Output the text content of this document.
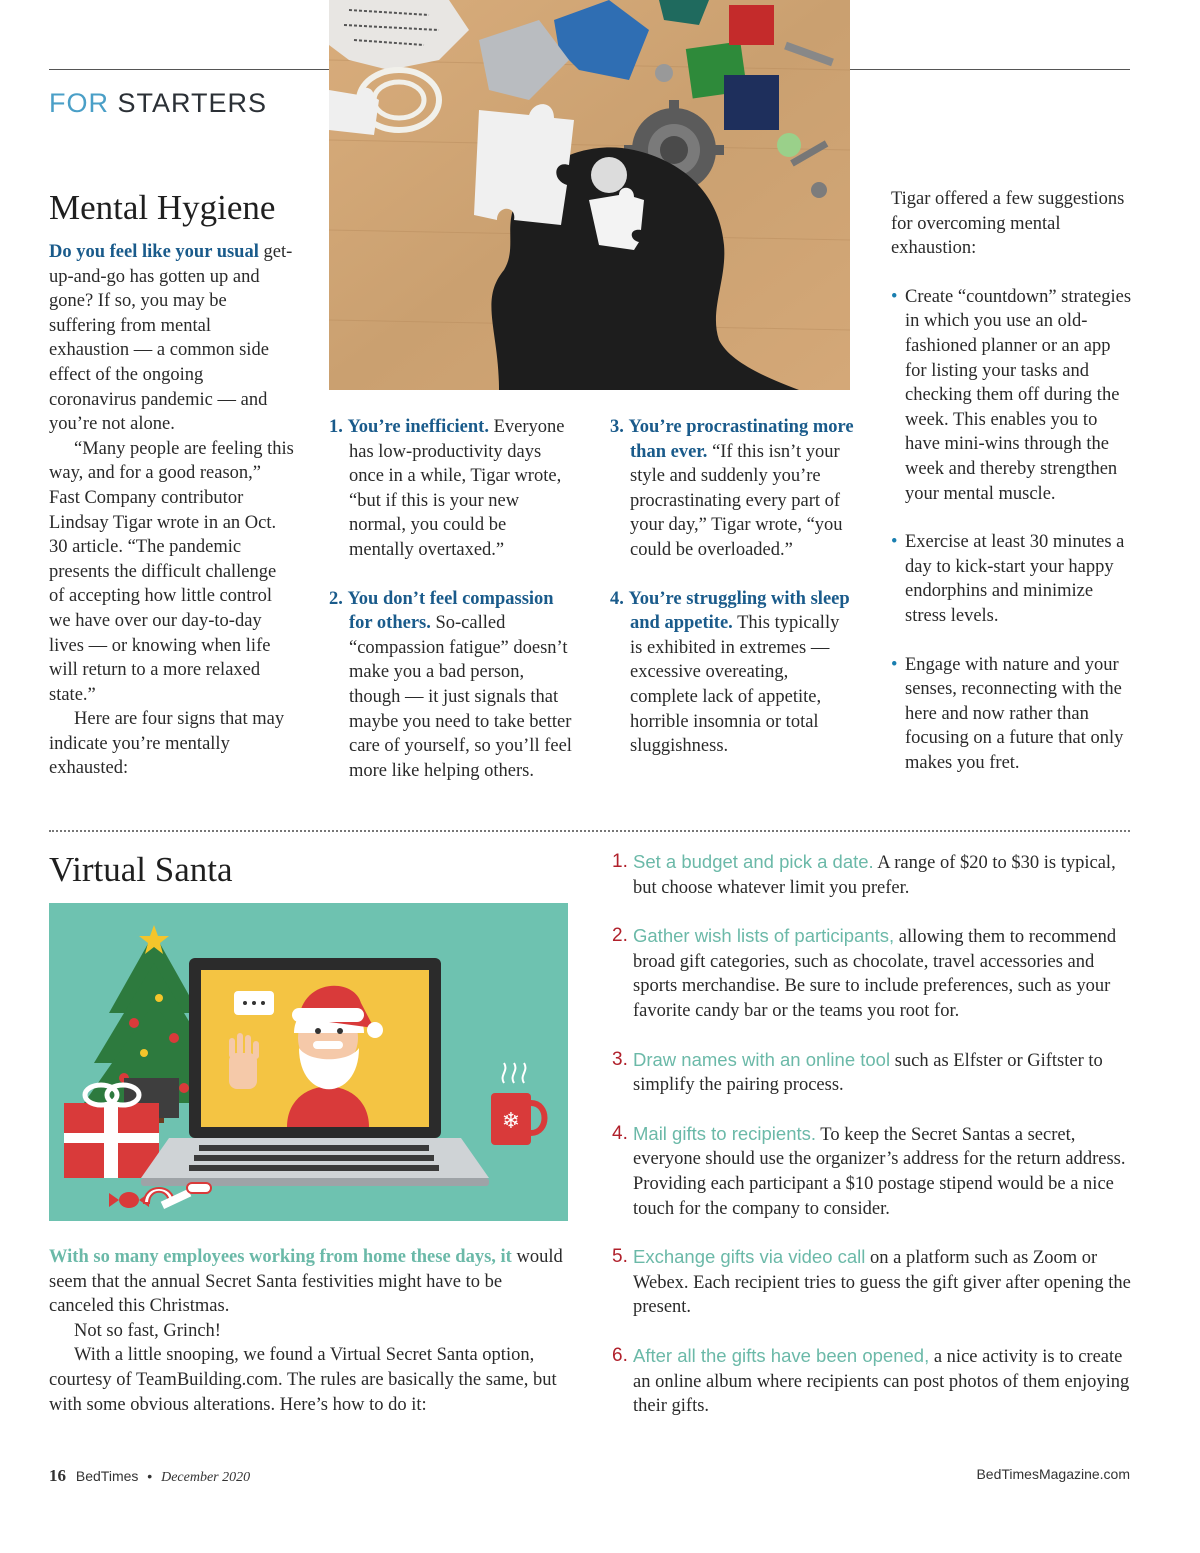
FOR STARTERS
Mental Hygiene

Do you feel like your usual get-up-and-go has gotten up and gone? If so, you may be suffering from mental exhaustion — a common side effect of the ongoing coronavirus pandemic — and you’re not alone.

“Many people are feeling this way, and for a good reason,” Fast Company contributor Lindsay Tigar wrote in an Oct. 30 article. “The pandemic presents the difficult challenge of accepting how little control we have over our day-to-day lives — or knowing when life will return to a more relaxed state.”

Here are four signs that may indicate you’re mentally exhausted:

1. You’re inefficient. Everyone has low-productivity days once in a while, Tigar wrote, “but if this is your new normal, you could be mentally overtaxed.”

2. You don’t feel compassion for others. So-called “compassion fatigue” doesn’t make you a bad person, though — it just signals that maybe you need to take better care of yourself, so you’ll feel more like helping others.

3. You’re procrastinating more than ever. “If this isn’t your style and suddenly you’re procrastinating every part of your day,” Tigar wrote, “you could be overloaded.”

4. You’re struggling with sleep and appetite. This typically is exhibited in extremes — excessive overeating, complete lack of appetite, horrible insomnia or total sluggishness.

Tigar offered a few suggestions for overcoming mental exhaustion:

• Create “countdown” strategies in which you use an old-fashioned planner or an app for listing your tasks and checking them off during the week. This enables you to have mini-wins through the week and thereby strengthen your mental muscle.
• Exercise at least 30 minutes a day to kick-start your happy endorphins and minimize stress levels.
• Engage with nature and your senses, reconnecting with the here and now rather than focusing on a future that only makes you fret.
Virtual Santa
❄

With so many employees working from home these days, it would seem that the annual Secret Santa festivities might have to be canceled this Christmas.

Not so fast, Grinch!

With a little snooping, we found a Virtual Secret Santa option, courtesy of TeamBuilding.com. The rules are basically the same, but with some obvious alterations. Here’s how to do it:

1. Set a budget and pick a date. A range of $20 to $30 is typical, but choose whatever limit you prefer.
2. Gather wish lists of participants, allowing them to recommend broad gift categories, such as chocolate, travel accessories and sports merchandise. Be sure to include preferences, such as your favorite candy bar or the teams you root for.
3. Draw names with an online tool such as Elfster or Giftster to simplify the pairing process.
4. Mail gifts to recipients. To keep the Secret Santas a secret, everyone should use the organizer’s address for the return address. Providing each participant a $10 postage stipend would be a nice touch for the company to consider.
5. Exchange gifts via video call on a platform such as Zoom or Webex. Each recipient tries to guess the gift giver after opening the present.
6. After all the gifts have been opened, a nice activity is to create an online album where recipients can post photos of them enjoying their gifts.
16 BedTimes • December 2020	BedTimesMagazine.com
